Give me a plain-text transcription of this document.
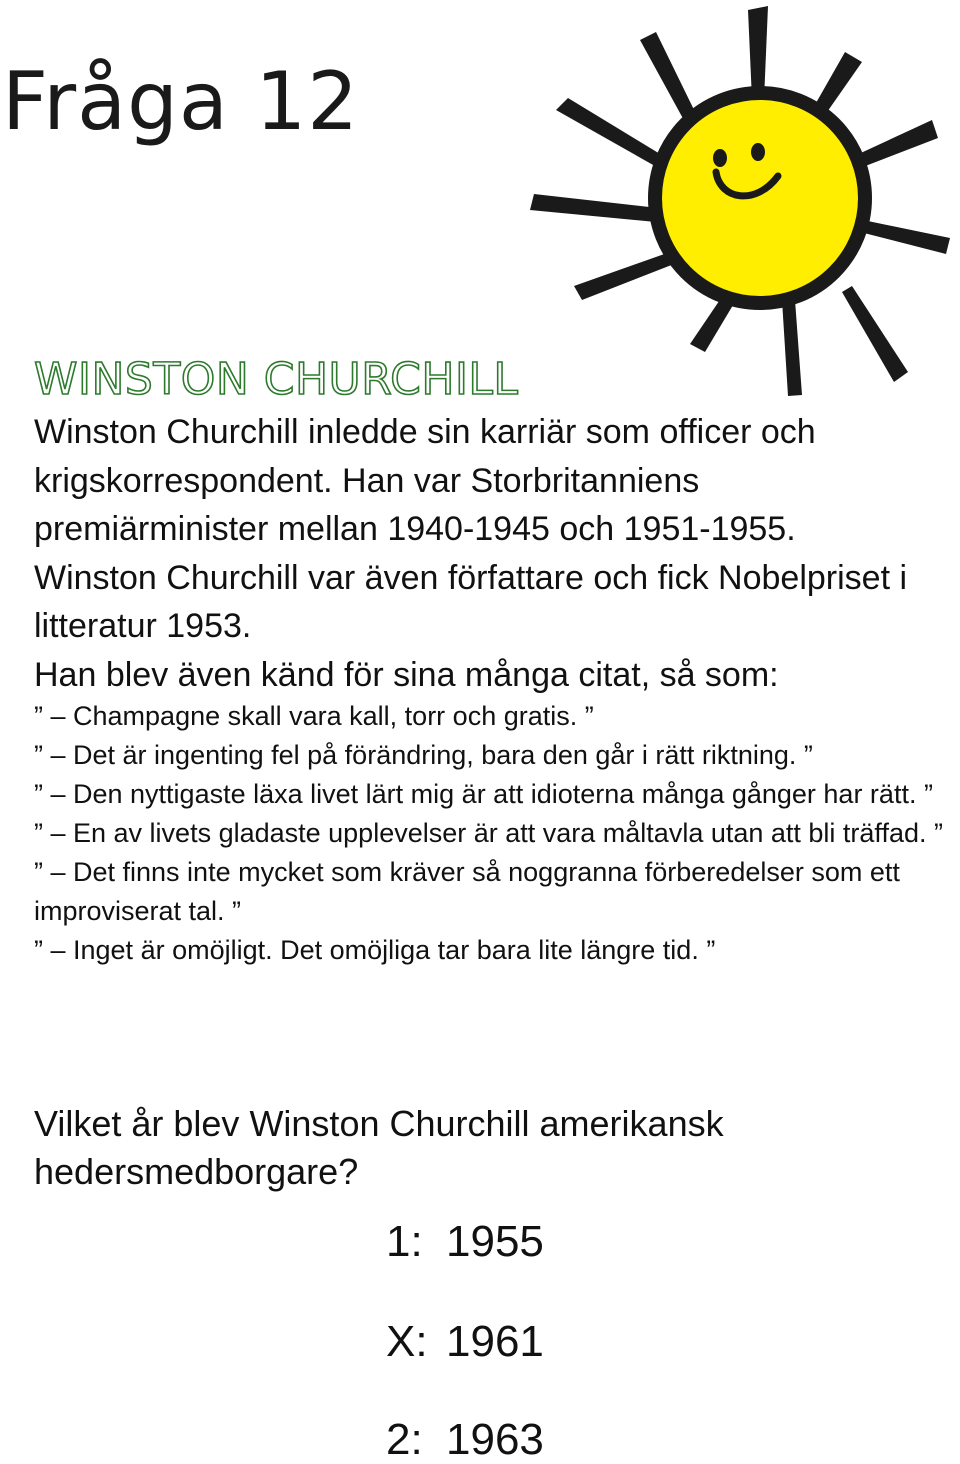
Fråga 12
WINSTON CHURCHILL

Winston Churchill inledde sin karriär som officer och krigskorrespondent. Han var Storbritanniens premiärminister mellan 1940-1945 och 1951-1955.

Winston Churchill var även författare och fick Nobelpriset i litteratur 1953.

Han blev även känd för sina många citat, så som:

” – Champagne skall vara kall, torr och gratis. ”

” – Det är ingenting fel på förändring, bara den går i rätt riktning. ”

” – Den nyttigaste läxa livet lärt mig är att idioterna många gånger har rätt. ”

” – En av livets gladaste upplevelser är att vara måltavla utan att bli träffad. ”

” – Det finns inte mycket som kräver så noggranna förberedelser som ett improviserat tal. ”

” – Inget är omöjligt. Det omöjliga tar bara lite längre tid. ”

Vilket år blev Winston Churchill amerikansk hedersmedborgare?
1: 1955
X: 1961
2: 1963
